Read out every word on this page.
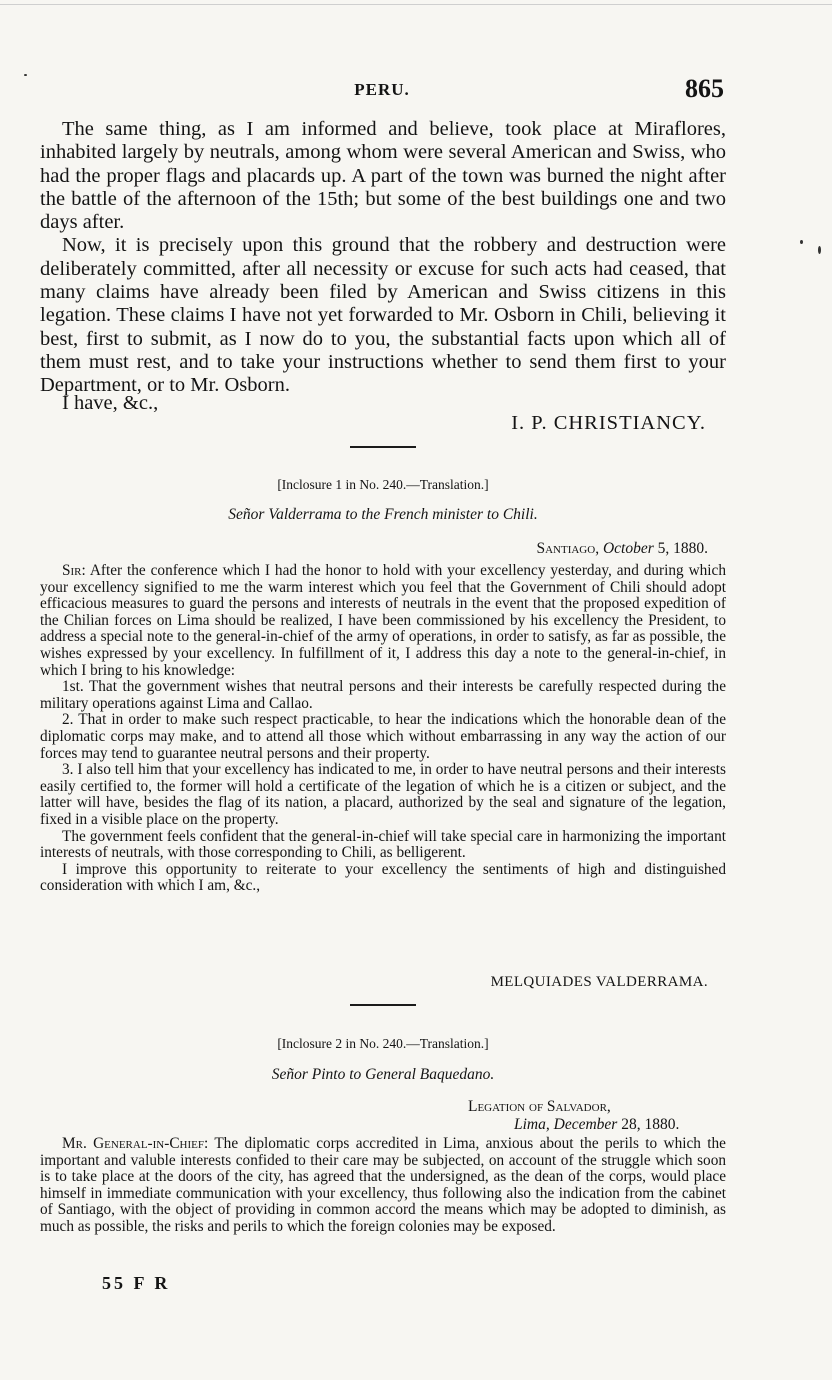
PERU.	865

The same thing, as I am informed and believe, took place at Miraflores, inhabited largely by neutrals, among whom were several American and Swiss, who had the proper flags and placards up. A part of the town was burned the night after the battle of the afternoon of the 15th; but some of the best buildings one and two days after.

Now, it is precisely upon this ground that the robbery and destruction were deliberately committed, after all necessity or excuse for such acts had ceased, that many claims have already been filed by American and Swiss citizens in this legation. These claims I have not yet forwarded to Mr. Osborn in Chili, believing it best, first to submit, as I now do to you, the substantial facts upon which all of them must rest, and to take your instructions whether to send them first to your Department, or to Mr. Osborn.

I have, &c.,
I. P. CHRISTIANCY.
[Inclosure 1 in No. 240.—Translation.]
Señor Valderrama to the French minister to Chili.
Santiago, October 5, 1880.

Sir: After the conference which I had the honor to hold with your excellency yesterday, and during which your excellency signified to me the warm interest which you feel that the Government of Chili should adopt efficacious measures to guard the persons and interests of neutrals in the event that the proposed expedition of the Chilian forces on Lima should be realized, I have been commissioned by his excellency the President, to address a special note to the general-in-chief of the army of operations, in order to satisfy, as far as possible, the wishes expressed by your excellency. In fulfillment of it, I address this day a note to the general-in-chief, in which I bring to his knowledge:

1st. That the government wishes that neutral persons and their interests be carefully respected during the military operations against Lima and Callao.

2. That in order to make such respect practicable, to hear the indications which the honorable dean of the diplomatic corps may make, and to attend all those which without embarrassing in any way the action of our forces may tend to guarantee neutral persons and their property.

3. I also tell him that your excellency has indicated to me, in order to have neutral persons and their interests easily certified to, the former will hold a certificate of the legation of which he is a citizen or subject, and the latter will have, besides the flag of its nation, a placard, authorized by the seal and signature of the legation, fixed in a visible place on the property.

The government feels confident that the general-in-chief will take special care in harmonizing the important interests of neutrals, with those corresponding to Chili, as belligerent.

I improve this opportunity to reiterate to your excellency the sentiments of high and distinguished consideration with which I am, &c.,

MELQUIADES VALDERRAMA.
[Inclosure 2 in No. 240.—Translation.]
Señor Pinto to General Baquedano.
Legation of Salvador,
Lima, December 28, 1880.

Mr. General-in-Chief: The diplomatic corps accredited in Lima, anxious about the perils to which the important and valuble interests confided to their care may be subjected, on account of the struggle which soon is to take place at the doors of the city, has agreed that the undersigned, as the dean of the corps, would place himself in immediate communication with your excellency, thus following also the indication from the cabinet of Santiago, with the object of providing in common accord the means which may be adopted to diminish, as much as possible, the risks and perils to which the foreign colonies may be exposed.

55 F R
